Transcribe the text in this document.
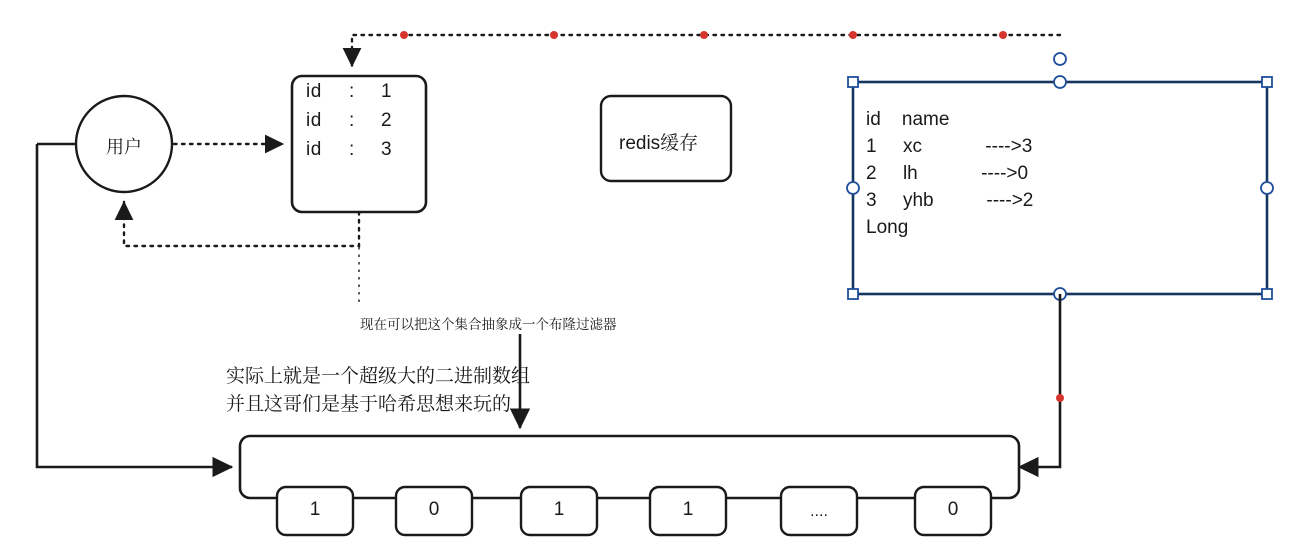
用户
id : 1
id : 2
id : 3	redis缓存
id    name
1     xc            ---->3
2     lh            ---->0
3     yhb          ---->2
Long
现在可以把这个集合抽象成一个布隆过滤器
实际上就是一个超级大的二进制数组
并且这哥们是基于哈希思想来玩的
1	0	1	1	....	0
